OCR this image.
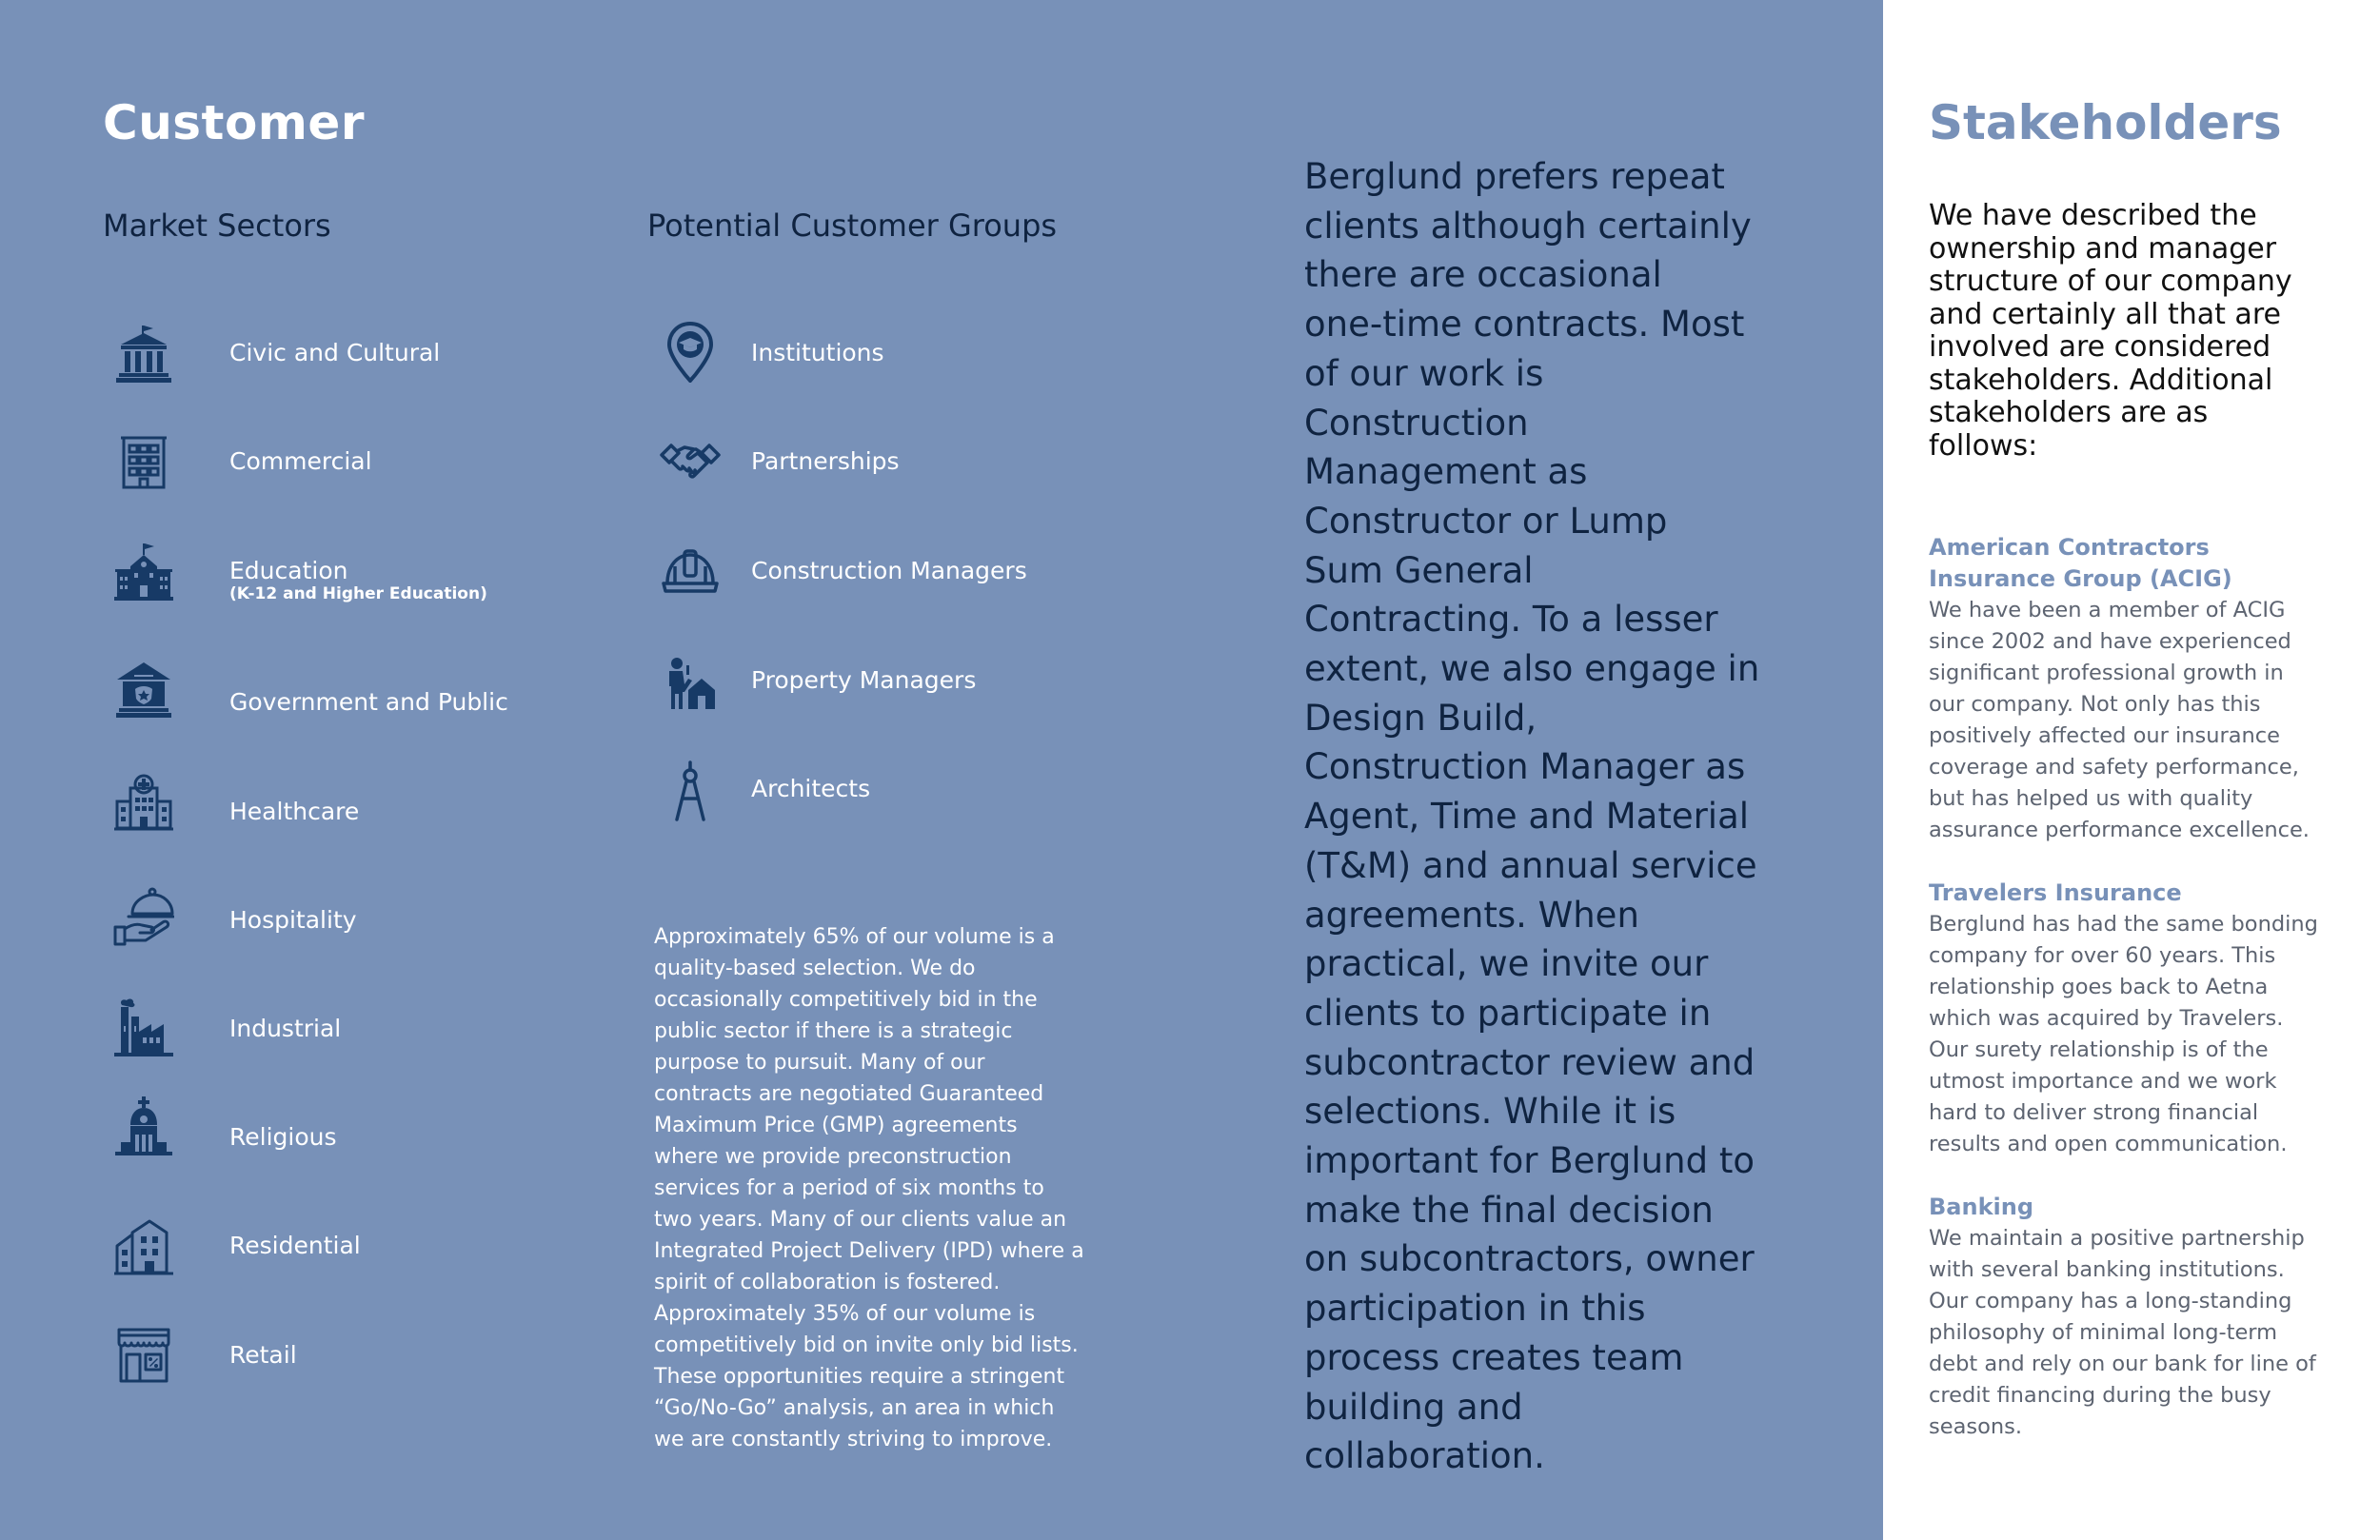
Customer
Market Sectors	Potential Customer Groups
Civic and Cultural
Commercial
Education
(K-12 and Higher Education)
Government and Public
Healthcare
Hospitality
Industrial
Religious
Residential
Retail
Institutions
Partnerships
Construction Managers
Property Managers
Architects
Approximately 65% of our volume is a
quality-based selection. We do
occasionally competitively bid in the
public sector if there is a strategic
purpose to pursuit. Many of our
contracts are negotiated Guaranteed
Maximum Price (GMP) agreements
where we provide preconstruction
services for a period of six months to
two years. Many of our clients value an
Integrated Project Delivery (IPD) where a
spirit of collaboration is fostered.
Approximately 35% of our volume is
competitively bid on invite only bid lists.
These opportunities require a stringent
“Go/No-Go” analysis, an area in which
we are constantly striving to improve.
Berglund prefers repeat
clients although certainly
there are occasional
one-time contracts. Most
of our work is
Construction
Management as
Constructor or Lump
Sum General
Contracting. To a lesser
extent, we also engage in
Design Build,
Construction Manager as
Agent, Time and Material
(T&M) and annual service
agreements. When
practical, we invite our
clients to participate in
subcontractor review and
selections. While it is
important for Berglund to
make the final decision
on subcontractors, owner
participation in this
process creates team
building and
collaboration.
Stakeholders
We have described the
ownership and manager
structure of our company
and certainly all that are
involved are considered
stakeholders. Additional
stakeholders are as
follows:
American Contractors
Insurance Group (ACIG)
We have been a member of ACIG
since 2002 and have experienced
significant professional growth in
our company. Not only has this
positively affected our insurance
coverage and safety performance,
but has helped us with quality
assurance performance excellence.
Travelers Insurance
Berglund has had the same bonding
company for over 60 years. This
relationship goes back to Aetna
which was acquired by Travelers.
Our surety relationship is of the
utmost importance and we work
hard to deliver strong financial
results and open communication.
Banking
We maintain a positive partnership
with several banking institutions.
Our company has a long-standing
philosophy of minimal long-term
debt and rely on our bank for line of
credit financing during the busy
seasons.
